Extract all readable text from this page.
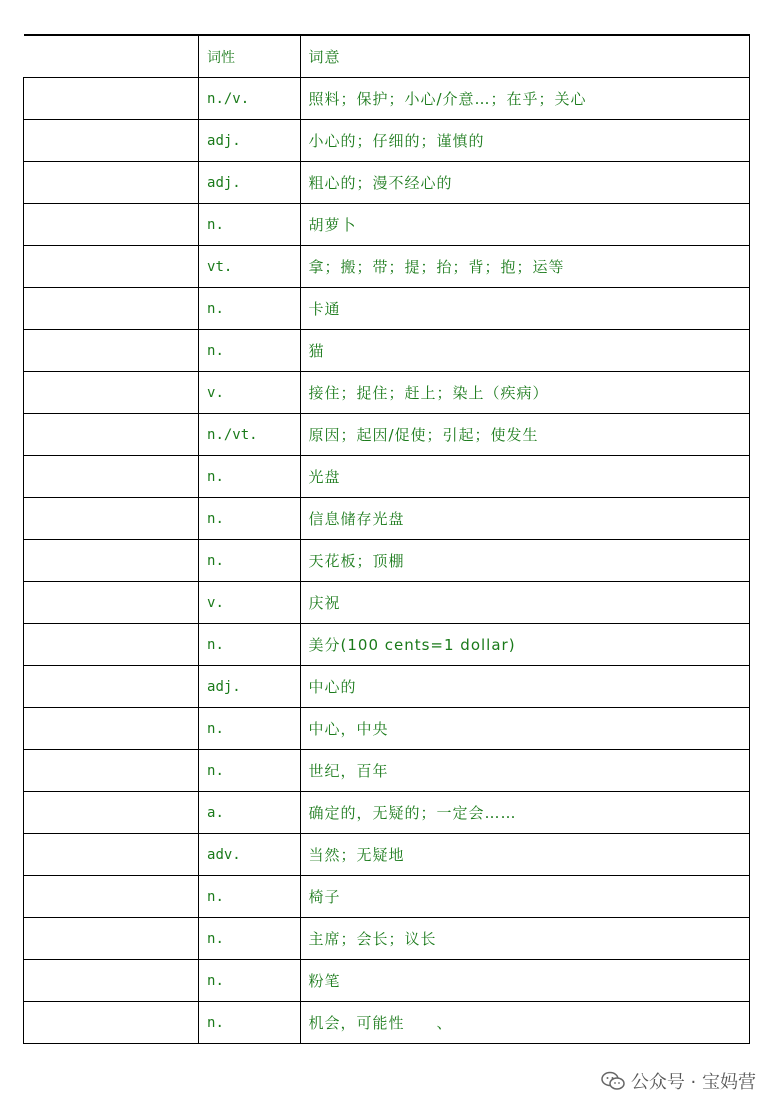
	词性	词意
	n./v.	照料；保护；小心/介意…；在乎；关心
	adj.	小心的；仔细的；谨慎的
	adj.	粗心的；漫不经心的
	n.	胡萝卜
	vt.	拿；搬；带；提；抬；背；抱；运等
	n.	卡通
	n.	猫
	v.	接住；捉住；赶上；染上（疾病）
	n./vt.	原因；起因/促使；引起；使发生
	n.	光盘
	n.	信息储存光盘
	n.	天花板；顶棚
	v.	庆祝
	n.	美分(100 cents=1 dollar)
	adj.	中心的
	n.	中心，中央
	n.	世纪，百年
	a.	确定的，无疑的；一定会……
	adv.	当然；无疑地
	n.	椅子
	n.	主席；会长；议长
	n.	粉笔
	n.	机会，可能性　　、
公众号 · 宝妈营
